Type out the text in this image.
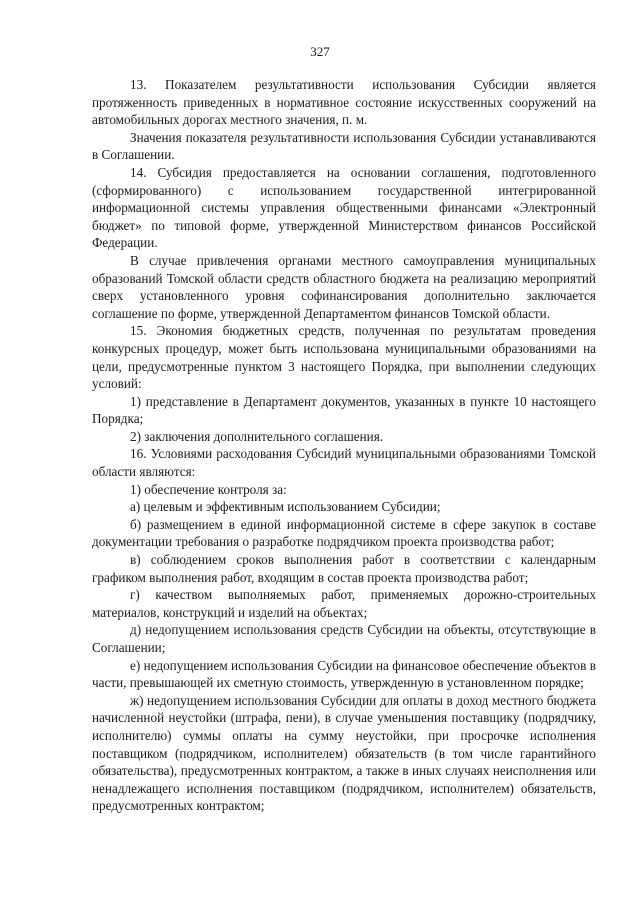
327

13. Показателем результативности использования Субсидии является протяженность приведенных в нормативное состояние искусственных сооружений на автомобильных дорогах местного значения, п. м.

Значения показателя результативности использования Субсидии устанавливаются в Соглашении.

14. Субсидия предоставляется на основании соглашения, подготовленного (сформированного) с использованием государственной интегрированной информационной системы управления общественными финансами «Электронный бюджет» по типовой форме, утвержденной Министерством финансов Российской Федерации.

В случае привлечения органами местного самоуправления муниципальных образований Томской области средств областного бюджета на реализацию мероприятий сверх установленного уровня софинансирования дополнительно заключается соглашение по форме, утвержденной Департаментом финансов Томской области.

15. Экономия бюджетных средств, полученная по результатам проведения конкурсных процедур, может быть использована муниципальными образованиями на цели, предусмотренные пунктом 3 настоящего Порядка, при выполнении следующих условий:

1) представление в Департамент документов, указанных в пункте 10 настоящего Порядка;

2) заключения дополнительного соглашения.

16. Условиями расходования Субсидий муниципальными образованиями Томской области являются:

1) обеспечение контроля за:

а) целевым и эффективным использованием Субсидии;

б) размещением в единой информационной системе в сфере закупок в составе документации требования о разработке подрядчиком проекта производства работ;

в) соблюдением сроков выполнения работ в соответствии с календарным графиком выполнения работ, входящим в состав проекта производства работ;

г) качеством выполняемых работ, применяемых дорожно-строительных материалов, конструкций и изделий на объектах;

д) недопущением использования средств Субсидии на объекты, отсутствующие в Соглашении;

е) недопущением использования Субсидии на финансовое обеспечение объектов в части, превышающей их сметную стоимость, утвержденную в установленном порядке;

ж) недопущением использования Субсидии для оплаты в доход местного бюджета начисленной неустойки (штрафа, пени), в случае уменьшения поставщику (подрядчику, исполнителю) суммы оплаты на сумму неустойки, при просрочке исполнения поставщиком (подрядчиком, исполнителем) обязательств (в том числе гарантийного обязательства), предусмотренных контрактом, а также в иных случаях неисполнения или ненадлежащего исполнения поставщиком (подрядчиком, исполнителем) обязательств, предусмотренных контрактом;
